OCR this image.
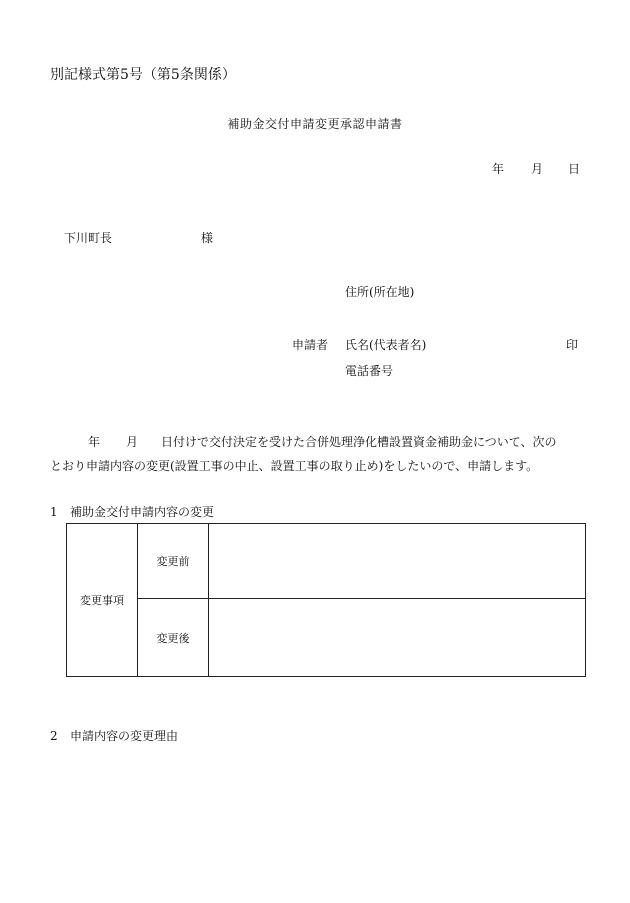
別記様式第5号（第5条関係）
補助金交付申請変更承認申請書
年 月 日
下川町長	様
住所(所在地)
申請者 氏名(代表者名)	印
電話番号
年 月 日付けで交付決定を受けた合併処理浄化槽設置資金補助金について、次の
とおり申請内容の変更(設置工事の中止、設置工事の取り止め)をしたいので、申請します。
1 補助金交付申請内容の変更
変更事項	変更前	
	変更後	
2 申請内容の変更理由
